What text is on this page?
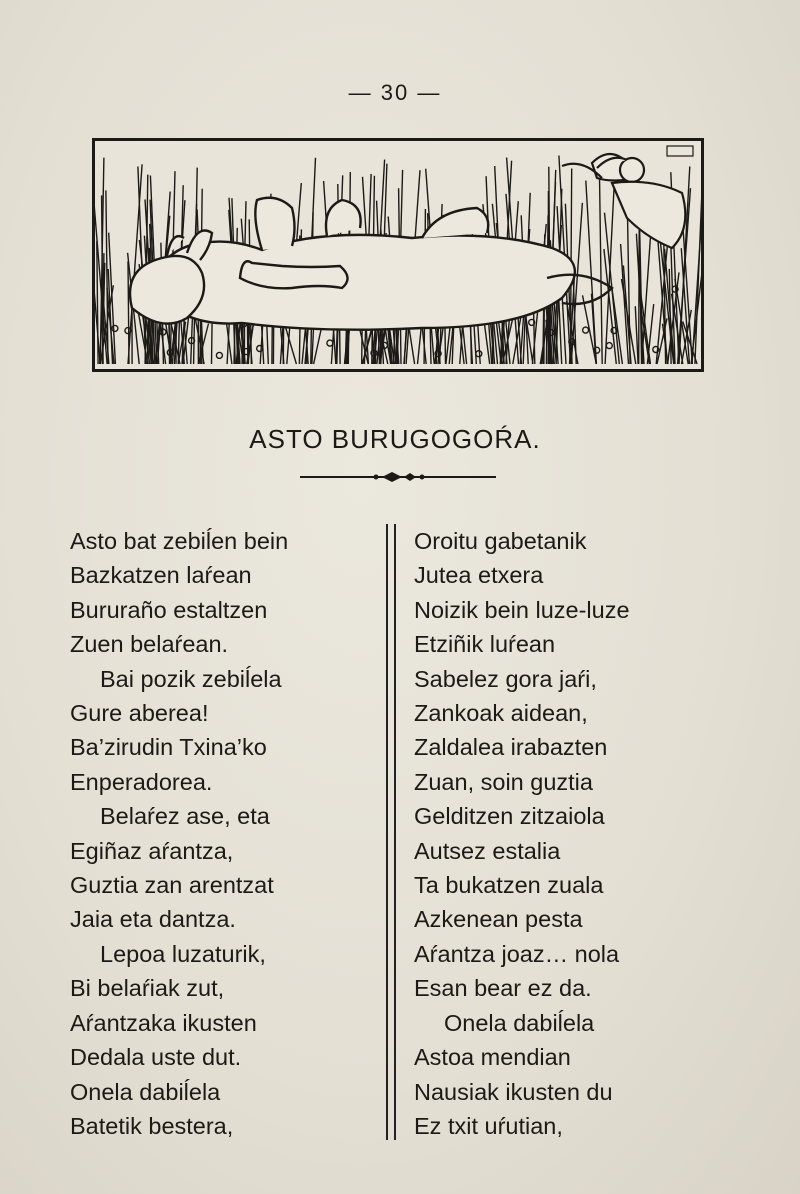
— 30 —
ASTO BURUGOGOŔA.
Asto bat zebiĺen bein
Bazkatzen laŕean
Bururaño estaltzen
Zuen belaŕean.
Bai pozik zebiĺela
Gure aberea!
Ba’zirudin Txina’ko
Enperadorea.
Belaŕez ase, eta
Egiñaz aŕantza,
Guztia zan arentzat
Jaia eta dantza.
Lepoa luzaturik,
Bi belaŕiak zut,
Aŕantzaka ikusten
Dedala uste dut.
Onela dabiĺela
Batetik bestera,
Oroitu gabetanik
Jutea etxera
Noizik bein luze-luze
Etziñik luŕean
Sabelez gora jaŕi,
Zankoak aidean,
Zaldalea irabazten
Zuan, soin guztia
Gelditzen zitzaiola
Autsez estalia
Ta bukatzen zuala
Azkenean pesta
Aŕantza joaz… nola
Esan bear ez da.
Onela dabiĺela
Astoa mendian
Nausiak ikusten du
Ez txit uŕutian,
